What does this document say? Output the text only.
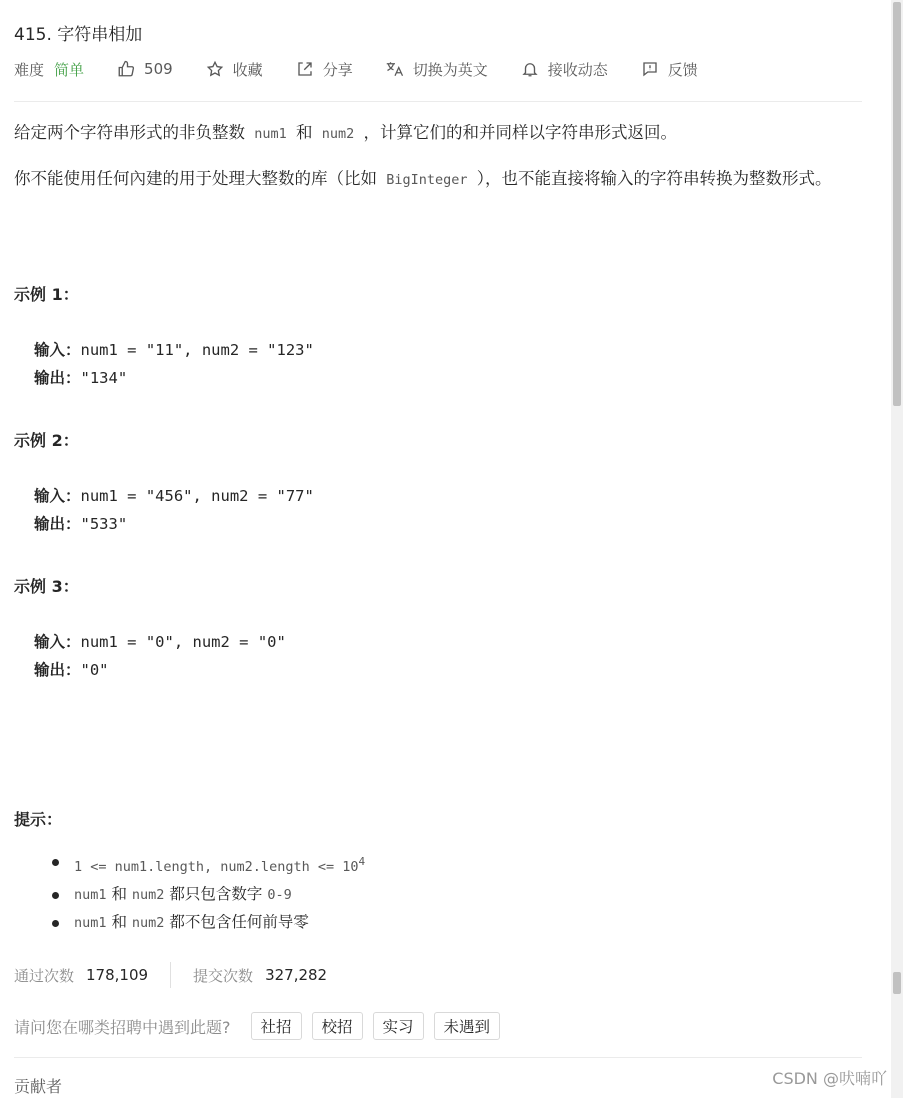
415. 字符串相加
难度 简单	509	收藏	分享	切换为英文	接收动态	反馈
给定两个字符串形式的非负整数 num1 和 num2 ，计算它们的和并同样以字符串形式返回。
你不能使用任何內建的用于处理大整数的库（比如 BigInteger ），也不能直接将输入的字符串转换为整数形式。
示例 1：
输入：num1 = "11", num2 = "123"
输出："134"
示例 2：
输入：num1 = "456", num2 = "77"
输出："533"
示例 3：
输入：num1 = "0", num2 = "0"
输出："0"
提示：
1 <= num1.length, num2.length <= $10^4$
num1 和 num2 都只包含数字 0-9
num1 和 num2 都不包含任何前导零
通过次数 178,109	提交次数 327,282
请问您在哪类招聘中遇到此题?	社招	校招	实习	未遇到
贡献者	CSDN @吠喃吖
